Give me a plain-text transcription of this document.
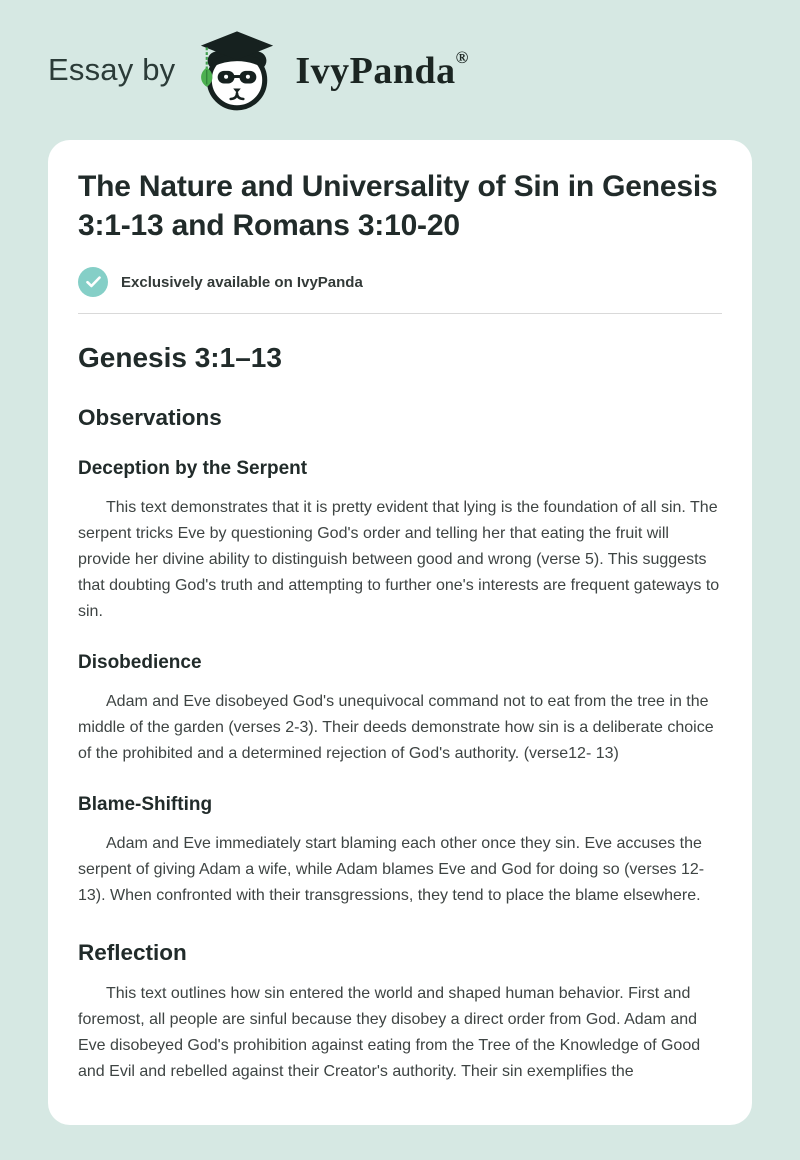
Essay by	IvyPanda®
The Nature and Universality of Sin in Genesis 3:1-13 and Romans 3:10-20
Exclusively available on IvyPanda
Genesis 3:1–13
Observations
Deception by the Serpent

This text demonstrates that it is pretty evident that lying is the foundation of all sin. The serpent tricks Eve by questioning God's order and telling her that eating the fruit will provide her divine ability to distinguish between good and wrong (verse 5). This suggests that doubting God's truth and attempting to further one's interests are frequent gateways to sin.

Disobedience

Adam and Eve disobeyed God's unequivocal command not to eat from the tree in the middle of the garden (verses 2-3). Their deeds demonstrate how sin is a deliberate choice of the prohibited and a determined rejection of God's authority. (verse12- 13)

Blame-Shifting

Adam and Eve immediately start blaming each other once they sin. Eve accuses the serpent of giving Adam a wife, while Adam blames Eve and God for doing so (verses 12-13). When confronted with their transgressions, they tend to place the blame elsewhere.

Reflection

This text outlines how sin entered the world and shaped human behavior. First and foremost, all people are sinful because they disobey a direct order from God. Adam and Eve disobeyed God's prohibition against eating from the Tree of the Knowledge of Good and Evil and rebelled against their Creator's authority. Their sin exemplifies the
